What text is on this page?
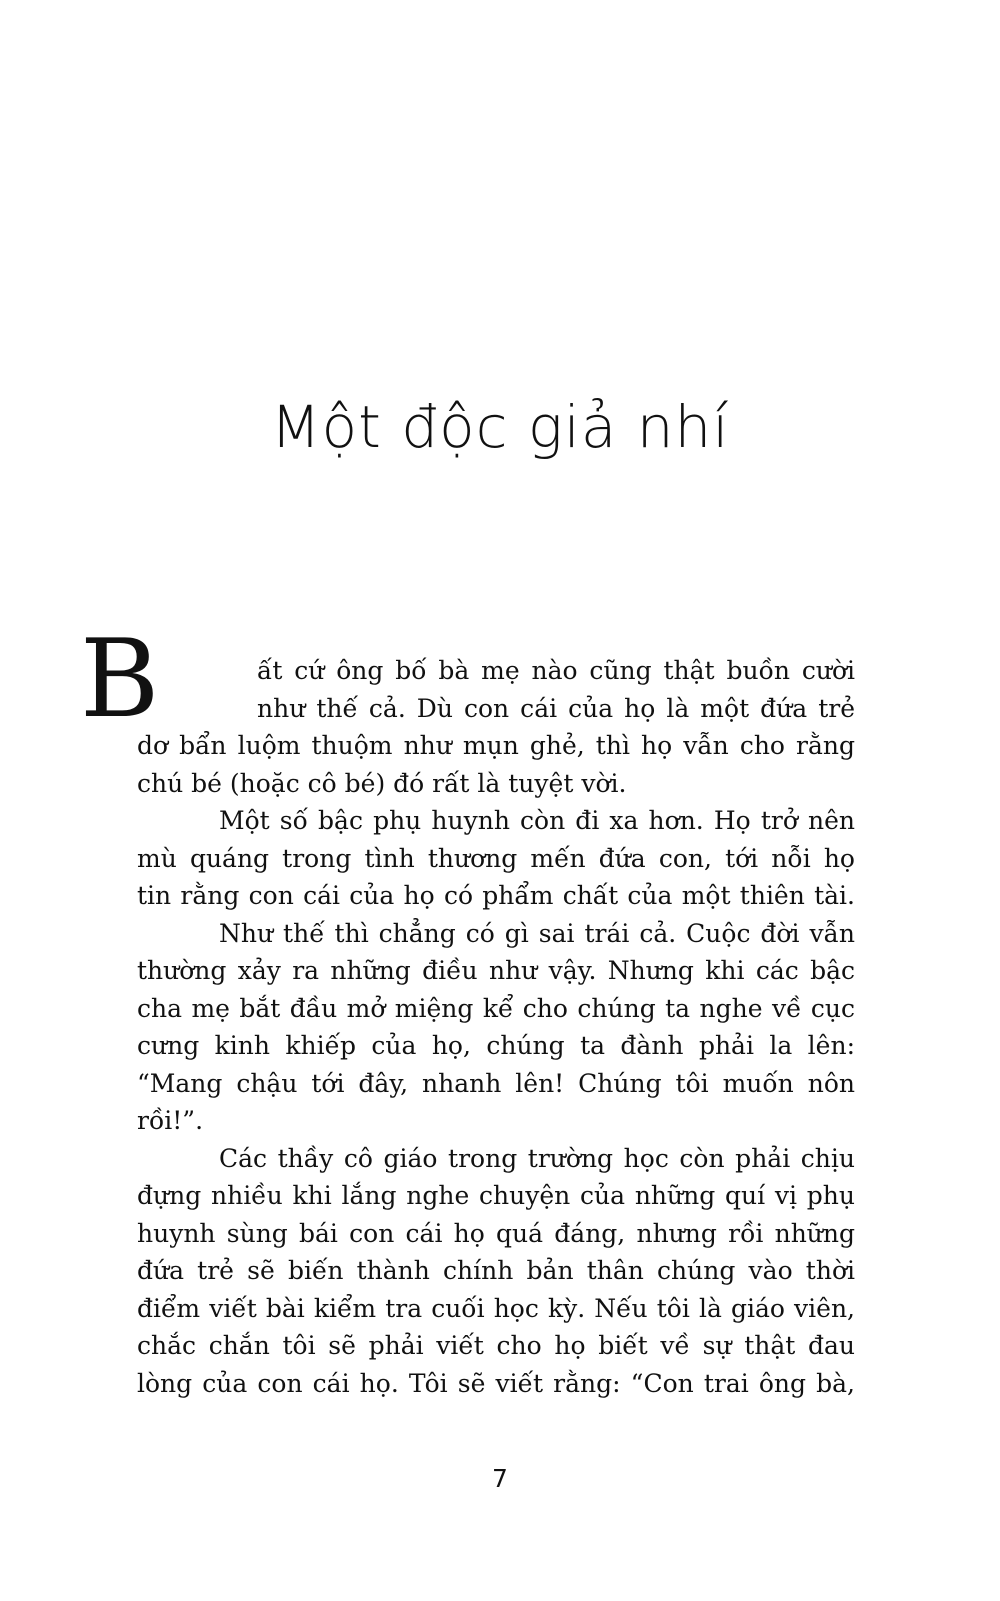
Một độc giả nhí
B	ất cứ ông bố bà mẹ nào cũng thật buồn cười
như thế cả. Dù con cái của họ là một đứa trẻ
dơ bẩn luộm thuộm như mụn ghẻ, thì họ vẫn cho rằng
chú bé (hoặc cô bé) đó rất là tuyệt vời.
Một số bậc phụ huynh còn đi xa hơn. Họ trở nên
mù quáng trong tình thương mến đứa con, tới nỗi họ
tin rằng con cái của họ có phẩm chất của một thiên tài.
Như thế thì chẳng có gì sai trái cả. Cuộc đời vẫn
thường xảy ra những điều như vậy. Nhưng khi các bậc
cha mẹ bắt đầu mở miệng kể cho chúng ta nghe về cục
cưng kinh khiếp của họ, chúng ta đành phải la lên:
“Mang chậu tới đây, nhanh lên! Chúng tôi muốn nôn
rồi!”.
Các thầy cô giáo trong trường học còn phải chịu
đựng nhiều khi lắng nghe chuyện của những quí vị phụ
huynh sùng bái con cái họ quá đáng, nhưng rồi những
đứa trẻ sẽ biến thành chính bản thân chúng vào thời
điểm viết bài kiểm tra cuối học kỳ. Nếu tôi là giáo viên,
chắc chắn tôi sẽ phải viết cho họ biết về sự thật đau
lòng của con cái họ. Tôi sẽ viết rằng: “Con trai ông bà,
7
